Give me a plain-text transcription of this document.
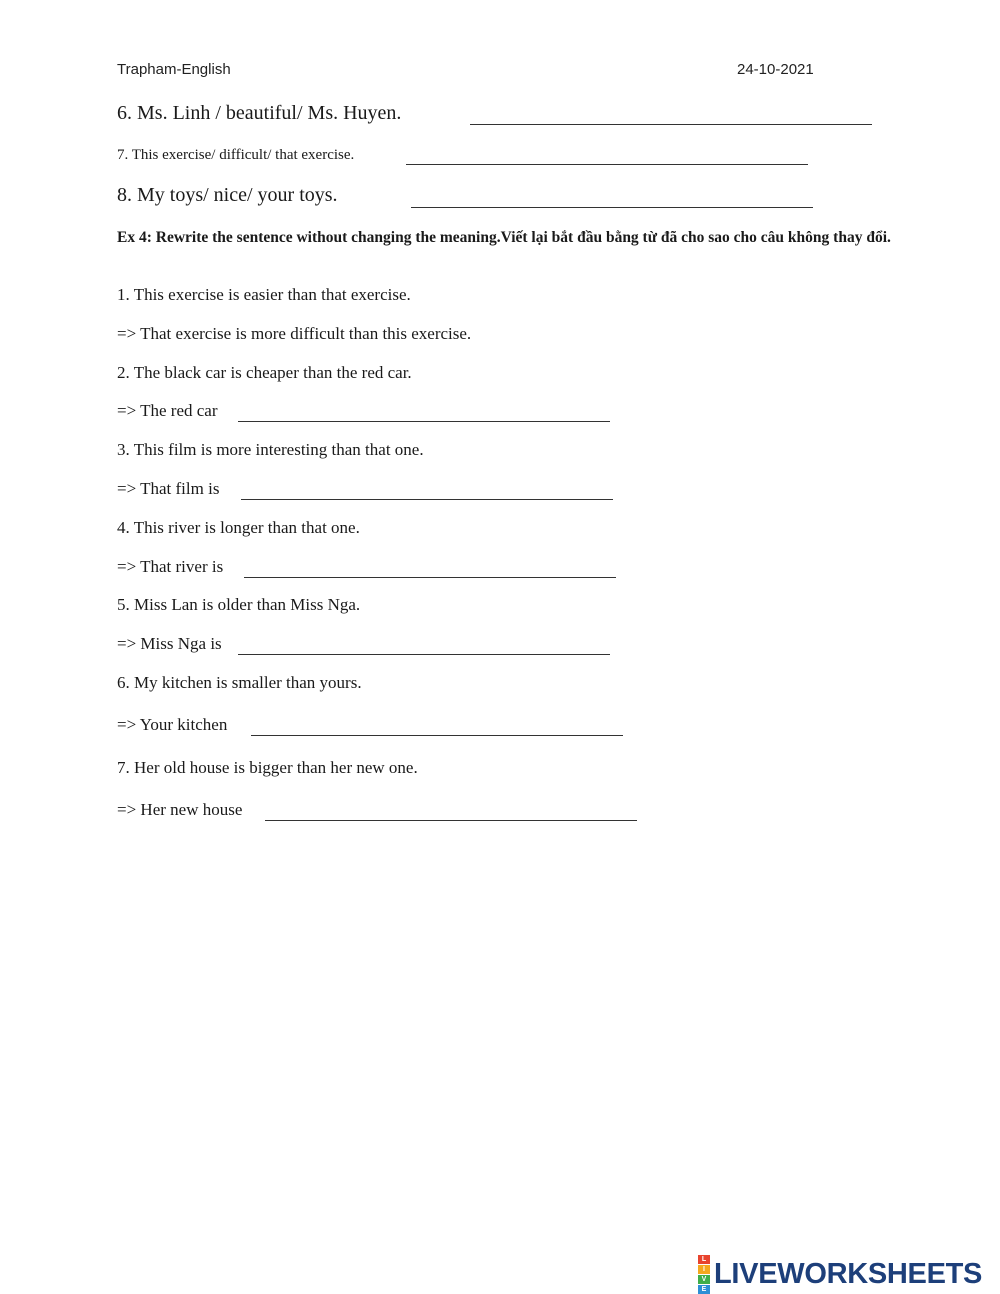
Trapham-English	24-10-2021
6. Ms. Linh / beautiful/ Ms. Huyen.
7. This exercise/ difficult/ that exercise.
8. My toys/ nice/ your toys.
Ex 4: Rewrite the sentence without changing the meaning.Viết lại bắt đầu bằng từ đã cho sao cho câu không thay đổi.
1. This exercise is easier than that exercise.
=> That exercise is more difficult than this exercise.
2. The black car is cheaper than the red car.
=> The red car
3. This film is more interesting than that one.
=> That film is
4. This river is longer than that one.
=> That river is
5. Miss Lan is older than Miss Nga.
=> Miss Nga is
6. My kitchen is smaller than yours.
=> Your kitchen
7. Her old house is bigger than her new one.
=> Her new house
L
I
V
E LIVEWORKSHEETS
